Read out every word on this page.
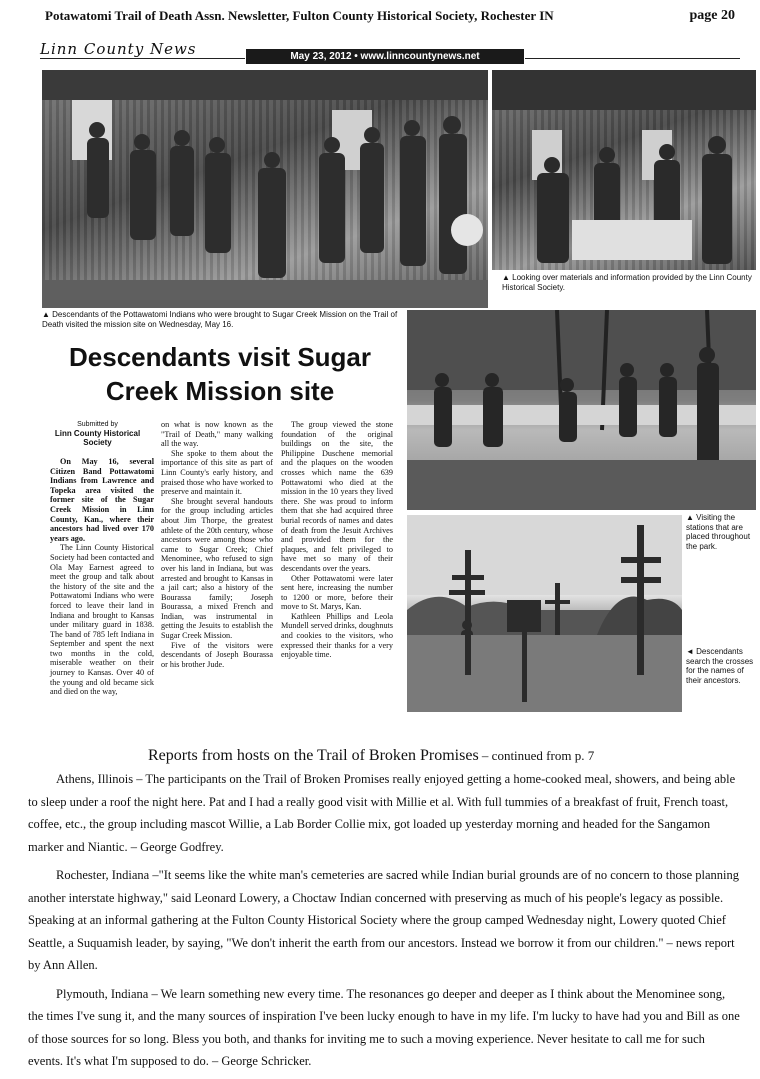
Potawatomi Trail of Death Assn. Newsletter, Fulton County Historical Society, Rochester IN	page 20
Linn County News	May 23, 2012 • www.linncountynews.net
▲ Descendants of the Pottawatomi Indians who were brought to Sugar Creek Mission on the Trail of Death visited the mission site on Wednesday, May 16.
▲ Looking over materials and information provided by the Linn County Historical Society.
▲ Visiting the stations that are placed throughout the park.
◄ Descendants search the crosses for the names of their ancestors.
Descendants visit Sugar
Creek Mission site
Submitted by
Linn County Historical Society

On May 16, several Citizen Band Pottawatomi Indians from Lawrence and Topeka area visited the former site of the Sugar Creek Mission in Linn County, Kan., where their ancestors had lived over 170 years ago.

The Linn County Historical Society had been contacted and Ola May Earnest agreed to meet the group and talk about the history of the site and the Pottawatomi Indians who were forced to leave their land in Indiana and brought to Kansas under military guard in 1838. The band of 785 left Indiana in September and spent the next two months in the cold, miserable weather on their journey to Kansas. Over 40 of the young and old became sick and died on the way,

on what is now known as the "Trail of Death," many walking all the way.

She spoke to them about the importance of this site as part of Linn County's early history, and praised those who have worked to preserve and maintain it.

She brought several handouts for the group including articles about Jim Thorpe, the greatest athlete of the 20th century, whose ancestors were among those who came to Sugar Creek; Chief Menominee, who refused to sign over his land in Indiana, but was arrested and brought to Kansas in a jail cart; also a history of the Bourassa family; Joseph Bourassa, a mixed French and Indian, was instrumental in getting the Jesuits to establish the Sugar Creek Mission.

Five of the visitors were descendants of Joseph Bourassa or his brother Jude.

The group viewed the stone foundation of the original buildings on the site, the Philippine Duschene memorial and the plaques on the wooden crosses which name the 639 Pottawatomi who died at the mission in the 10 years they lived there. She was proud to inform them that she had acquired three burial records of names and dates of death from the Jesuit Archives and provided them for the plaques, and felt privileged to have met so many of their descendants over the years.

Other Pottawatomi were later sent here, increasing the number to 1200 or more, before their move to St. Marys, Kan.

Kathleen Phillips and Leola Mundell served drinks, doughnuts and cookies to the visitors, who expressed their thanks for a very enjoyable time.

Reports from hosts on the Trail of Broken Promises – continued from p. 7

Athens, Illinois – The participants on the Trail of Broken Promises really enjoyed getting a home-cooked meal, showers, and being able to sleep under a roof the night here. Pat and I had a really good visit with Millie et al. With full tummies of a breakfast of fruit, French toast, coffee, etc., the group including mascot Willie, a Lab Border Collie mix, got loaded up yesterday morning and headed for the Sangamon marker and Niantic. – George Godfrey.

Rochester, Indiana –"It seems like the white man's cemeteries are sacred while Indian burial grounds are of no concern to those planning another interstate highway," said Leonard Lowery, a Choctaw Indian concerned with preserving as much of his people's legacy as possible. Speaking at an informal gathering at the Fulton County Historical Society where the group camped Wednesday night, Lowery quoted Chief Seattle, a Suquamish leader, by saying, "We don't inherit the earth from our ancestors. Instead we borrow it from our children." – news report by Ann Allen.

Plymouth, Indiana – We learn something new every time. The resonances go deeper and deeper as I think about the Menominee song, the times I've sung it, and the many sources of inspiration I've been lucky enough to have in my life. I'm lucky to have had you and Bill as one of those sources for so long. Bless you both, and thanks for inviting me to such a moving experience. Never hesitate to call me for such events. It's what I'm supposed to do. – George Schricker.
